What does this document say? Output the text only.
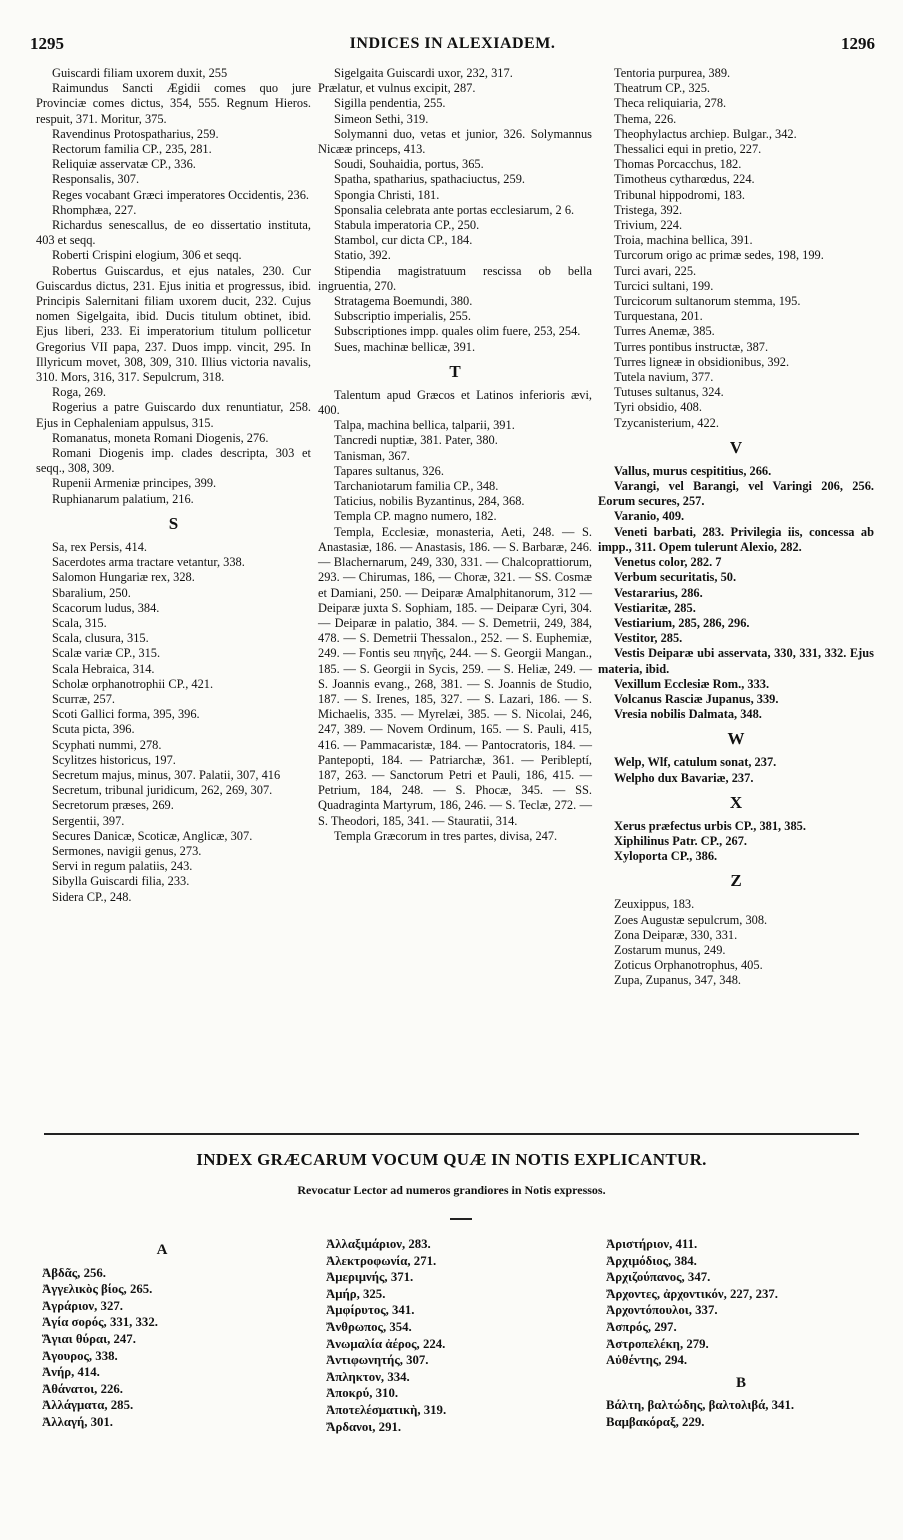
1295	INDICES IN ALEXIADEM.	1296
Guiscardi filiam uxorem duxit, 255
Raimundus Sancti Ægidii comes quo jure Provinciæ comes dictus, 354, 555. Regnum Hieros. respuit, 371. Moritur, 375.
Ravendinus Protospatharius, 259.
Rectorum familia CP., 235, 281.
Reliquiæ asservatæ CP., 336.
Responsalis, 307.
Reges vocabant Græci imperatores Occidentis, 236.
Rhomphæa, 227.
Richardus senescallus, de eo dissertatio instituta, 403 et seqq.
Roberti Crispini elogium, 306 et seqq.
Robertus Guiscardus, et ejus natales, 230. Cur Guiscardus dictus, 231. Ejus initia et progressus, ibid. Principis Salernitani filiam uxorem ducit, 232. Cujus nomen Sigelgaita, ibid. Ducis titulum obtinet, ibid. Ejus liberi, 233. Ei imperatorium titulum pollicetur Gregorius VII papa, 237. Duos impp. vincit, 295. In Illyricum movet, 308, 309, 310. Illius victoria navalis, 310. Mors, 316, 317. Sepulcrum, 318.
Roga, 269.
Rogerius a patre Guiscardo dux renuntiatur, 258. Ejus in Cephaleniam appulsus, 315.
Romanatus, moneta Romani Diogenis, 276.
Romani Diogenis imp. clades descripta, 303 et seqq., 308, 309.
Rupenii Armeniæ principes, 399.
Ruphianarum palatium, 216.
S
Sa, rex Persis, 414.
Sacerdotes arma tractare vetantur, 338.
Salomon Hungariæ rex, 328.
Sbaralium, 250.
Scacorum ludus, 384.
Scala, 315.
Scala, clusura, 315.
Scalæ variæ CP., 315.
Scala Hebraica, 314.
Scholæ orphanotrophii CP., 421.
Scurræ, 257.
Scoti Gallici forma, 395, 396.
Scuta picta, 396.
Scyphati nummi, 278.
Scylitzes historicus, 197.
Secretum majus, minus, 307. Palatii, 307, 416
Secretum, tribunal juridicum, 262, 269, 307.
Secretorum præses, 269.
Sergentii, 397.
Secures Danicæ, Scoticæ, Anglicæ, 307.
Sermones, navigii genus, 273.
Servi in regum palatiis, 243.
Sibylla Guiscardi filia, 233.
Sidera CP., 248.
Sigelgaita Guiscardi uxor, 232, 317.
Prælatur, et vulnus excipit, 287.
Sigilla pendentia, 255.
Simeon Sethi, 319.
Solymanni duo, vetas et junior, 326. Solymannus Nicææ princeps, 413.
Soudi, Souhaidia, portus, 365.
Spatha, spatharius, spathaciuctus, 259.
Spongia Christi, 181.
Sponsalia celebrata ante portas ecclesiarum, 2 6.
Stabula imperatoria CP., 250.
Stambol, cur dicta CP., 184.
Statio, 392.
Stipendia magistratuum rescissa ob bella ingruentia, 270.
Stratagema Boemundi, 380.
Subscriptio imperialis, 255.
Subscriptiones impp. quales olim fuere, 253, 254.
Sues, machinæ bellicæ, 391.
T
Talentum apud Græcos et Latinos inferioris ævi, 400.
Talpa, machina bellica, talparii, 391.
Tancredi nuptiæ, 381. Pater, 380.
Tanisman, 367.
Tapares sultanus, 326.
Tarchaniotarum familia CP., 348.
Taticius, nobilis Byzantinus, 284, 368.
Templa CP. magno numero, 182.
Templa, Ecclesiæ, monasteria, Aeti, 248. — S. Anastasiæ, 186. — Anastasis, 186. — S. Barbaræ, 246. — Blachernarum, 249, 330, 331. — Chalcoprattiorum, 293. — Chirumas, 186, — Choræ, 321. — SS. Cosmæ et Damiani, 250. — Deiparæ Amalphitanorum, 312 — Deiparæ juxta S. Sophiam, 185. — Deiparæ Cyri, 304. — Deiparæ in palatio, 384. — S. Demetrii, 249, 384, 478. — S. Demetrii Thessalon., 252. — S. Euphemiæ, 249. — Fontis seu πηγῆς, 244. — S. Georgii Mangan., 185. — S. Georgii in Sycis, 259. — S. Heliæ, 249. — S. Joannis evang., 268, 381. — S. Joannis de Studio, 187. — S. Irenes, 185, 327. — S. Lazari, 186. — S. Michaelis, 335. — Myrelæi, 385. — S. Nicolai, 246, 247, 389. — Novem Ordinum, 165. — S. Pauli, 415, 416. — Pammacaristæ, 184. — Pantocratoris, 184. — Pantepopti, 184. — Patriarchæ, 361. — Peribleptí, 187, 263. — Sanctorum Petri et Pauli, 186, 415. — Petrium, 184, 248. — S. Phocæ, 345. — SS. Quadraginta Martyrum, 186, 246. — S. Teclæ, 272. — S. Theodori, 185, 341. — Stauratii, 314.
Templa Græcorum in tres partes, divisa, 247.
Tentoria purpurea, 389.
Theatrum CP., 325.
Theca reliquiaria, 278.
Thema, 226.
Theophylactus archiep. Bulgar., 342.
Thessalici equi in pretio, 227.
Thomas Porcacchus, 182.
Timotheus cytharœdus, 224.
Tribunal hippodromi, 183.
Tristega, 392.
Trivium, 224.
Troia, machina bellica, 391.
Turcorum origo ac primæ sedes, 198, 199.
Turci avari, 225.
Turcici sultani, 199.
Turcicorum sultanorum stemma, 195.
Turquestana, 201.
Turres Anemæ, 385.
Turres pontibus instructæ, 387.
Turres ligneæ in obsidionibus, 392.
Tutela navium, 377.
Tutuses sultanus, 324.
Tyri obsidio, 408.
Tzycanisterium, 422.
V
Vallus, murus cespititius, 266.
Varangi, vel Barangi, vel Varingi 206, 256. Eorum secures, 257.
Varanio, 409.
Veneti barbati, 283. Privilegia iis, concessa ab impp., 311. Opem tulerunt Alexio, 282.
Venetus color, 282. 7
Verbum securitatis, 50.
Vestararius, 286.
Vestiaritæ, 285.
Vestiarium, 285, 286, 296.
Vestitor, 285.
Vestis Deiparæ ubi asservata, 330, 331, 332. Ejus materia, ibid.
Vexillum Ecclesiæ Rom., 333.
Volcanus Rasciæ Jupanus, 339.
Vresia nobilis Dalmata, 348.
W
Welp, Wlf, catulum sonat, 237.
Welpho dux Bavariæ, 237.
X
Xerus præfectus urbis CP., 381, 385.
Xiphilinus Patr. CP., 267.
Xyloporta CP., 386.
Z
Zeuxippus, 183.
Zoes Augustæ sepulcrum, 308.
Zona Deiparæ, 330, 331.
Zostarum munus, 249.
Zoticus Orphanotrophus, 405.
Zupa, Zupanus, 347, 348.
INDEX GRÆCARUM VOCUM QUÆ IN NOTIS EXPLICANTUR.
Revocatur Lector ad numeros grandiores in Notis expressos.
A
Ἀβδᾶς, 256.
Ἀγγελικὸς βίος, 265.
Ἀγράριον, 327.
Ἁγία σορός, 331, 332.
Ἅγιαι θύραι, 247.
Ἀγουρος, 338.
Ἀνήρ, 414.
Ἀθάνατοι, 226.
Ἀλλάγματα, 285.
Ἀλλαγή, 301.
Ἀλλαξιμάριον, 283.
Ἀλεκτροφωνία, 271.
Ἀμεριμνής, 371.
Ἀμήρ, 325.
Ἀμφίρυτος, 341.
Ἄνθρωπος, 354.
Ἀνωμαλία ἀέρος, 224.
Ἀντιφωνητής, 307.
Ἀπληκτον, 334.
Ἀποκρύ, 310.
Ἀποτελέσματικὴ, 319.
Ἄρδανοι, 291.
Ἀριστήριον, 411.
Ἀρχιμόδιος, 384.
Ἀρχιζούπανος, 347.
Ἄρχοντες, ἀρχοντικόν, 227, 237.
Ἀρχοντόπουλοι, 337.
Ἀσπρός, 297.
Ἀστροπελέκη, 279.
Αὐθέντης, 294.
B
Βάλτη, βαλτώδης, βαλτολιβά, 341.
Βαμβακόραξ, 229.
